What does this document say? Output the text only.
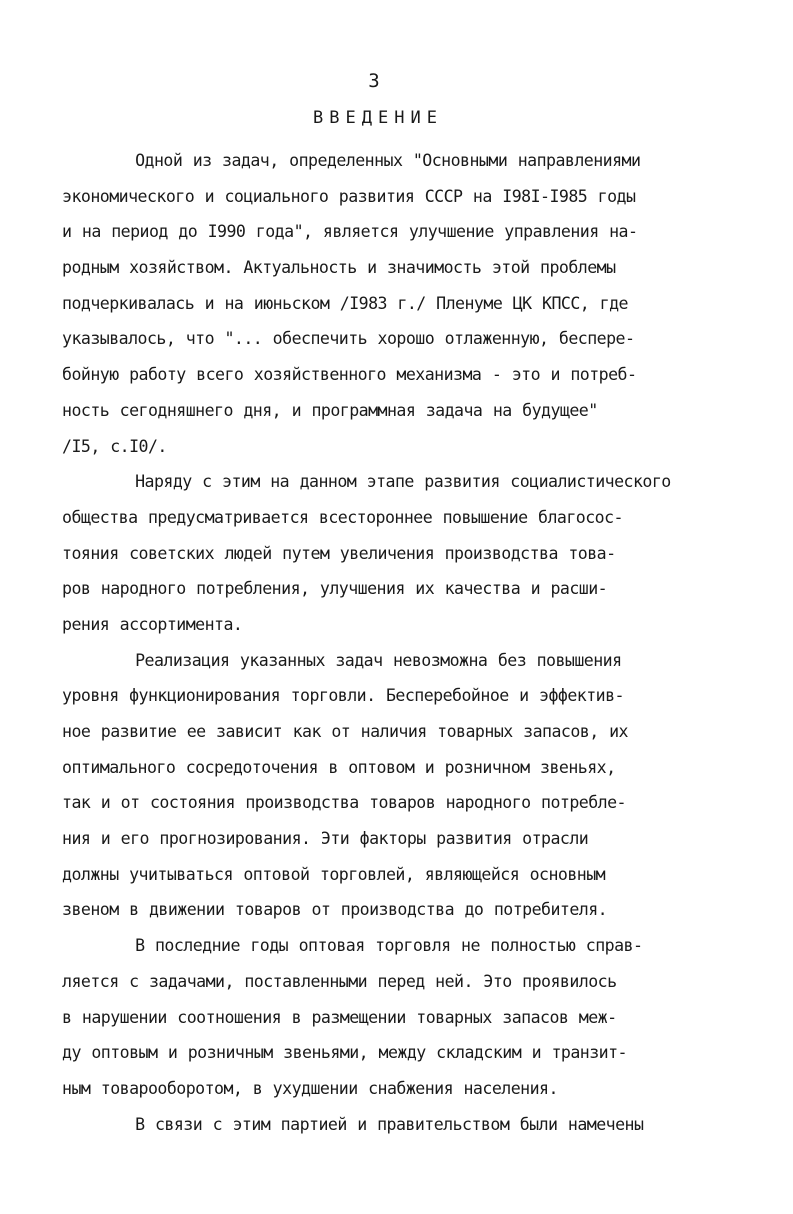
3
ВВЕДЕНИЕ
Одной из задач, определенных "Основными направлениями
экономического и социального развития СССР на I98I-I985 годы
и на период до I990 года", является улучшение управления на-
родным хозяйством. Актуальность и значимость этой проблемы
подчеркивалась и на июньском /I983 г./ Пленуме ЦК КПСС, где
указывалось, что "... обеспечить хорошо отлаженную, беспере-
бойную работу всего хозяйственного механизма - это и потреб-
ность сегодняшнего дня, и программная задача на будущее"
/I5, с.I0/.
Наряду с этим на данном этапе развития социалистического
общества предусматривается всестороннее повышение благосос-
тояния советских людей путем увеличения производства това-
ров народного потребления, улучшения их качества и расши-
рения ассортимента.
Реализация указанных задач невозможна без повышения
уровня функционирования торговли. Бесперебойное и эффектив-
ное развитие ее зависит как от наличия товарных запасов, их
оптимального сосредоточения в оптовом и розничном звеньях,
так и от состояния производства товаров народного потребле-
ния и его прогнозирования. Эти факторы развития отрасли
должны учитываться оптовой торговлей, являющейся основным
звеном в движении товаров от производства до потребителя.
В последние годы оптовая торговля не полностью справ-
ляется с задачами, поставленными перед ней. Это проявилось
в нарушении соотношения в размещении товарных запасов меж-
ду оптовым и розничным звеньями, между складским и транзит-
ным товарооборотом, в ухудшении снабжения населения.
В связи с этим партией и правительством были намечены
